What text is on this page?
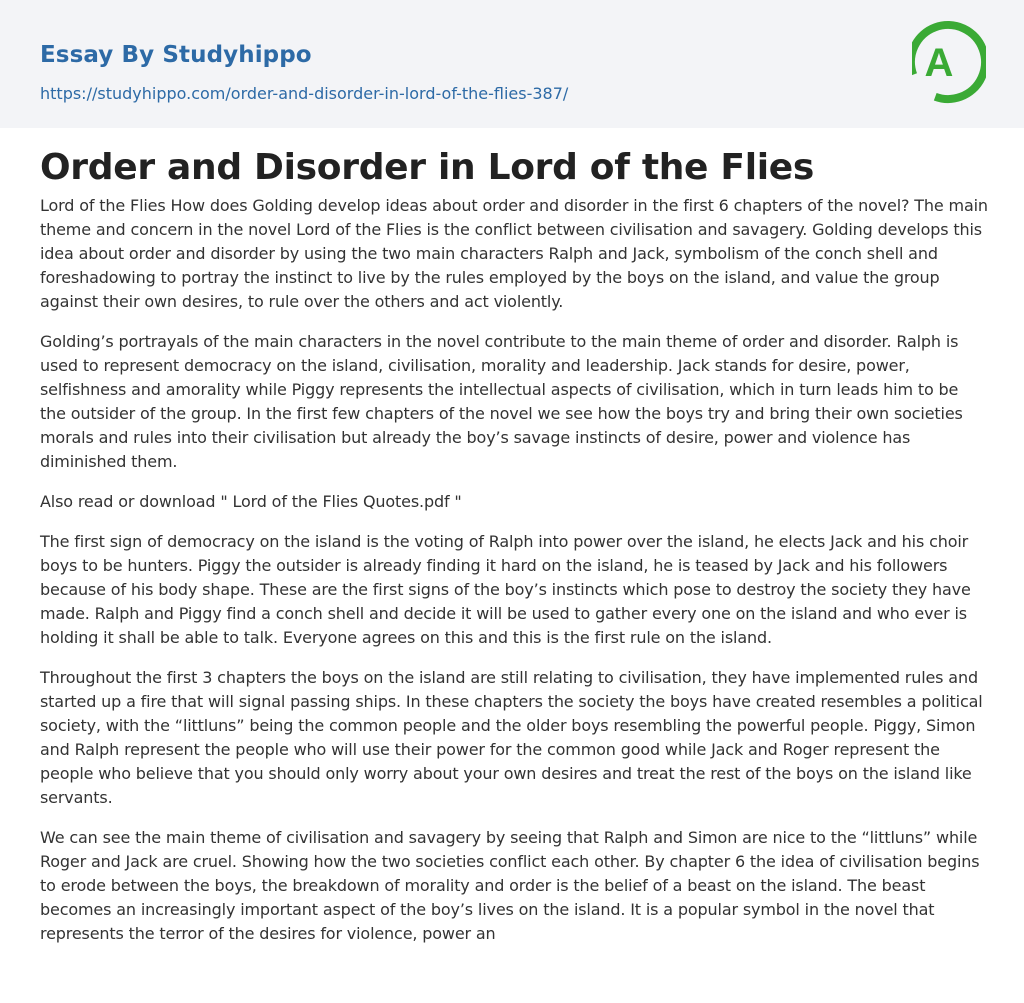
Essay By Studyhippo
https://studyhippo.com/order-and-disorder-in-lord-of-the-flies-387/
A
Order and Disorder in Lord of the Flies

Lord of the Flies How does Golding develop ideas about order and disorder in the first 6 chapters of the novel? The main theme and concern in the novel Lord of the Flies is the conflict between civilisation and savagery. Golding develops this idea about order and disorder by using the two main characters Ralph and Jack, symbolism of the conch shell and foreshadowing to portray the instinct to live by the rules employed by the boys on the island, and value the group against their own desires, to rule over the others and act violently.

Golding’s portrayals of the main characters in the novel contribute to the main theme of order and disorder. Ralph is used to represent democracy on the island, civilisation, morality and leadership. Jack stands for desire, power, selfishness and amorality while Piggy represents the intellectual aspects of civilisation, which in turn leads him to be the outsider of the group. In the first few chapters of the novel we see how the boys try and bring their own societies morals and rules into their civilisation but already the boy’s savage instincts of desire, power and violence has diminished them.

Also read or download " Lord of the Flies Quotes.pdf "

The first sign of democracy on the island is the voting of Ralph into power over the island, he elects Jack and his choir boys to be hunters. Piggy the outsider is already finding it hard on the island, he is teased by Jack and his followers because of his body shape. These are the first signs of the boy’s instincts which pose to destroy the society they have made. Ralph and Piggy find a conch shell and decide it will be used to gather every one on the island and who ever is holding it shall be able to talk. Everyone agrees on this and this is the first rule on the island.

Throughout the first 3 chapters the boys on the island are still relating to civilisation, they have implemented rules and started up a fire that will signal passing ships. In these chapters the society the boys have created resembles a political society, with the “littluns” being the common people and the older boys resembling the powerful people. Piggy, Simon and Ralph represent the people who will use their power for the common good while Jack and Roger represent the people who believe that you should only worry about your own desires and treat the rest of the boys on the island like servants.

We can see the main theme of civilisation and savagery by seeing that Ralph and Simon are nice to the “littluns” while Roger and Jack are cruel. Showing how the two societies conflict each other. By chapter 6 the idea of civilisation begins to erode between the boys, the breakdown of morality and order is the belief of a beast on the island. The beast becomes an increasingly important aspect of the boy’s lives on the island. It is a popular symbol in the novel that represents the terror of the desires for violence, power an
